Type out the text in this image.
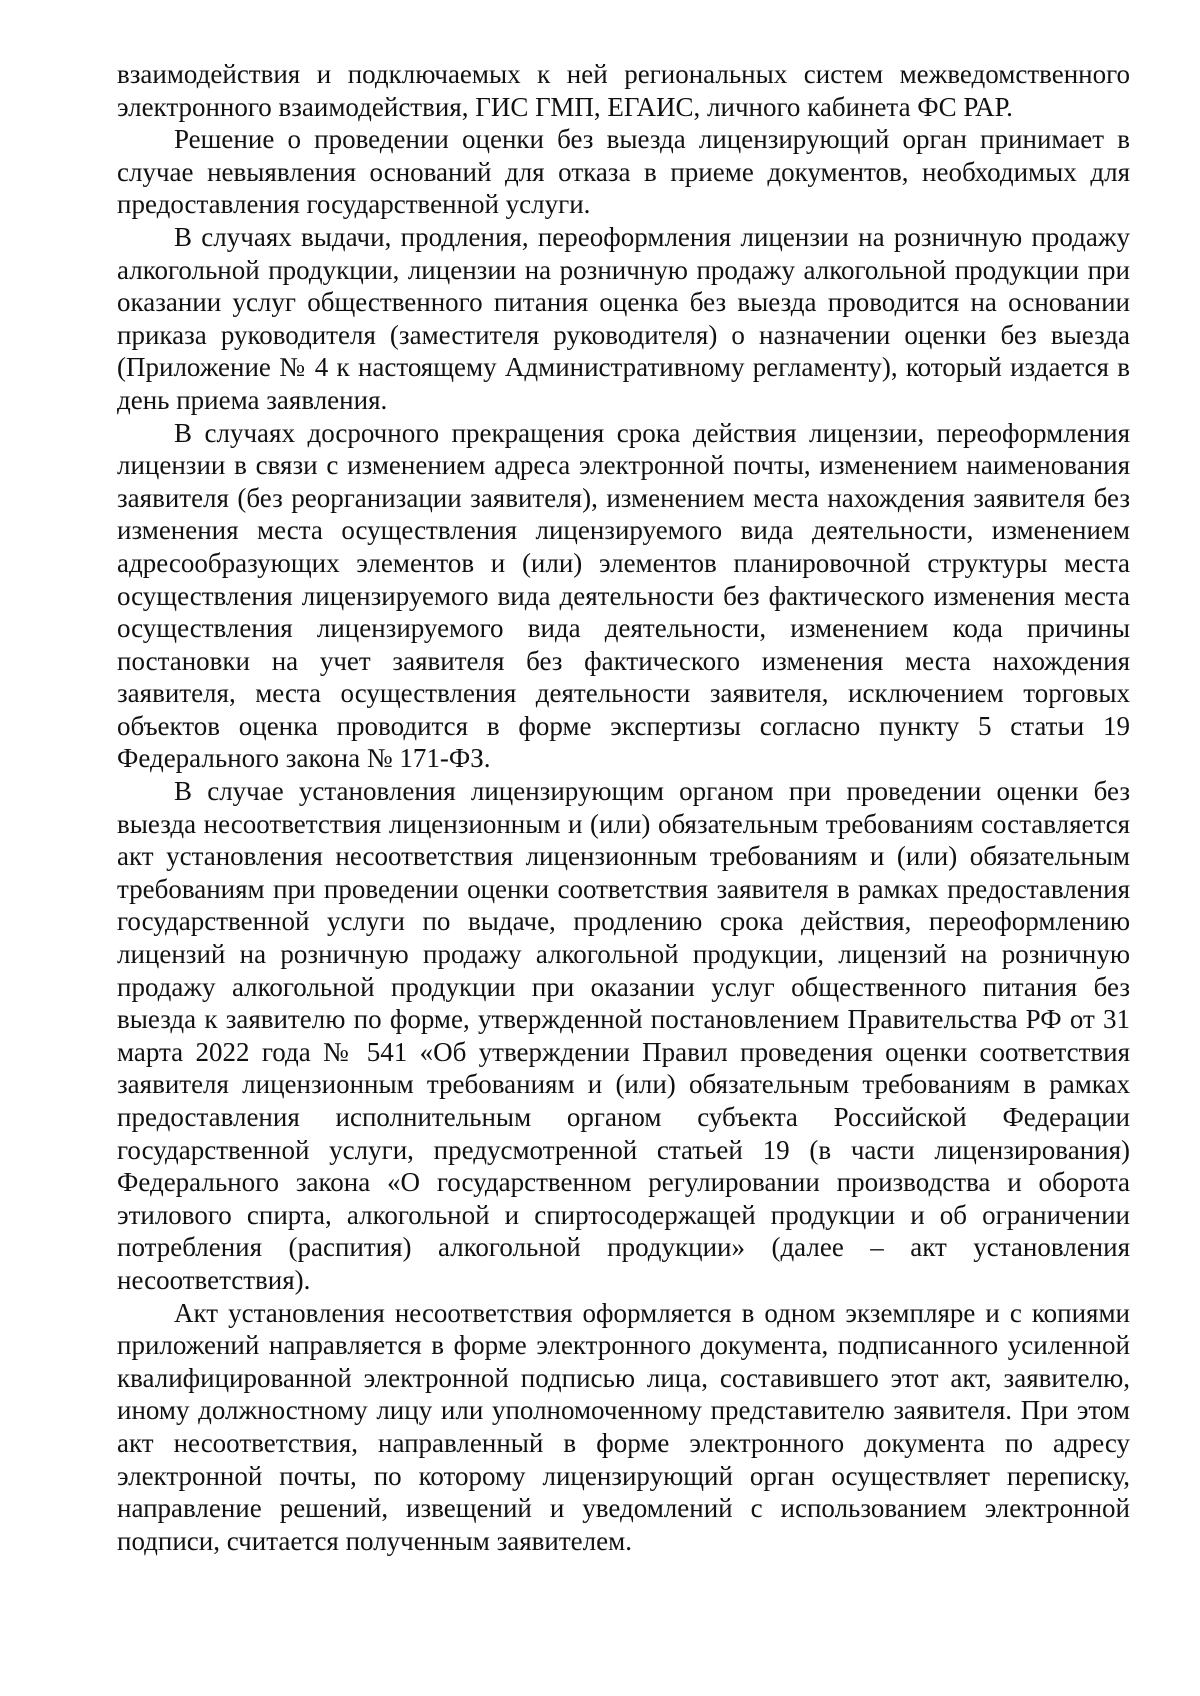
взаимодействия и подключаемых к ней региональных систем межведомственного электронного взаимодействия, ГИС ГМП, ЕГАИС, личного кабинета ФС РАР.

Решение о проведении оценки без выезда лицензирующий орган принимает в случае невыявления оснований для отказа в приеме документов, необходимых для предоставления государственной услуги.

В случаях выдачи, продления, переоформления лицензии на розничную продажу алкогольной продукции, лицензии на розничную продажу алкогольной продукции при оказании услуг общественного питания оценка без выезда проводится на основании приказа руководителя (заместителя руководителя) о назначении оценки без выезда (Приложение № 4 к настоящему Административному регламенту), который издается в день приема заявления.

В случаях досрочного прекращения срока действия лицензии, переоформления лицензии в связи с изменением адреса электронной почты, изменением наименования заявителя (без реорганизации заявителя), изменением места нахождения заявителя без изменения места осуществления лицензируемого вида деятельности, изменением адресообразующих элементов и (или) элементов планировочной структуры места осуществления лицензируемого вида деятельности без фактического изменения места осуществления лицензируемого вида деятельности, изменением кода причины постановки на учет заявителя без фактического изменения места нахождения заявителя, места осуществления деятельности заявителя, исключением торговых объектов оценка проводится в форме экспертизы согласно пункту 5 статьи 19 Федерального закона № 171-ФЗ.

В случае установления лицензирующим органом при проведении оценки без выезда несоответствия лицензионным и (или) обязательным требованиям составляется акт установления несоответствия лицензионным требованиям и (или) обязательным требованиям при проведении оценки соответствия заявителя в рамках предоставления государственной услуги по выдаче, продлению срока действия, переоформлению лицензий на розничную продажу алкогольной продукции, лицензий на розничную продажу алкогольной продукции при оказании услуг общественного питания без выезда к заявителю по форме, утвержденной постановлением Правительства РФ от 31 марта 2022 года № 541 «Об утверждении Правил проведения оценки соответствия заявителя лицензионным требованиям и (или) обязательным требованиям в рамках предоставления исполнительным органом субъекта Российской Федерации государственной услуги, предусмотренной статьей 19 (в части лицензирования) Федерального закона «О государственном регулировании производства и оборота этилового спирта, алкогольной и спиртосодержащей продукции и об ограничении потребления (распития) алкогольной продукции» (далее – акт установления несоответствия).

Акт установления несоответствия оформляется в одном экземпляре и с копиями приложений направляется в форме электронного документа, подписанного усиленной квалифицированной электронной подписью лица, составившего этот акт, заявителю, иному должностному лицу или уполномоченному представителю заявителя. При этом акт несоответствия, направленный в форме электронного документа по адресу электронной почты, по которому лицензирующий орган осуществляет переписку, направление решений, извещений и уведомлений с использованием электронной подписи, считается полученным заявителем.
